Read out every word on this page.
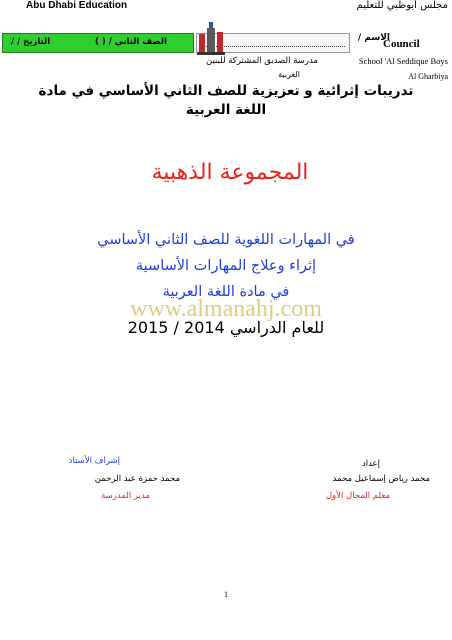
Abu Dhabi Education	مجلس أبوظبي للتعليم
التاريخ / /	الصف الثاني / ( )	الاسم /
Council
School 'Al Seddique Boys
مدرسة الصديق المشتركة للبنين
Al Gharbiya
الغربية
تدريبات إثرائية و تعزيزية للصف الثاني الأساسي في مادة اللغة العربية
المجموعة الذهبية
في المهارات اللغوية للصف الثاني الأساسي
إثراء وعلاج المهارات الأساسية
في مادة اللغة العربية
www.almanahj.com
للعام الدراسي 2014 / 2015
إعداد
محمد رياض إسماعيل محمد
معلم المجال الأول
إشراف الأستاذ
محمد حمزة عبد الرحمن
مدير المدرسة
1
